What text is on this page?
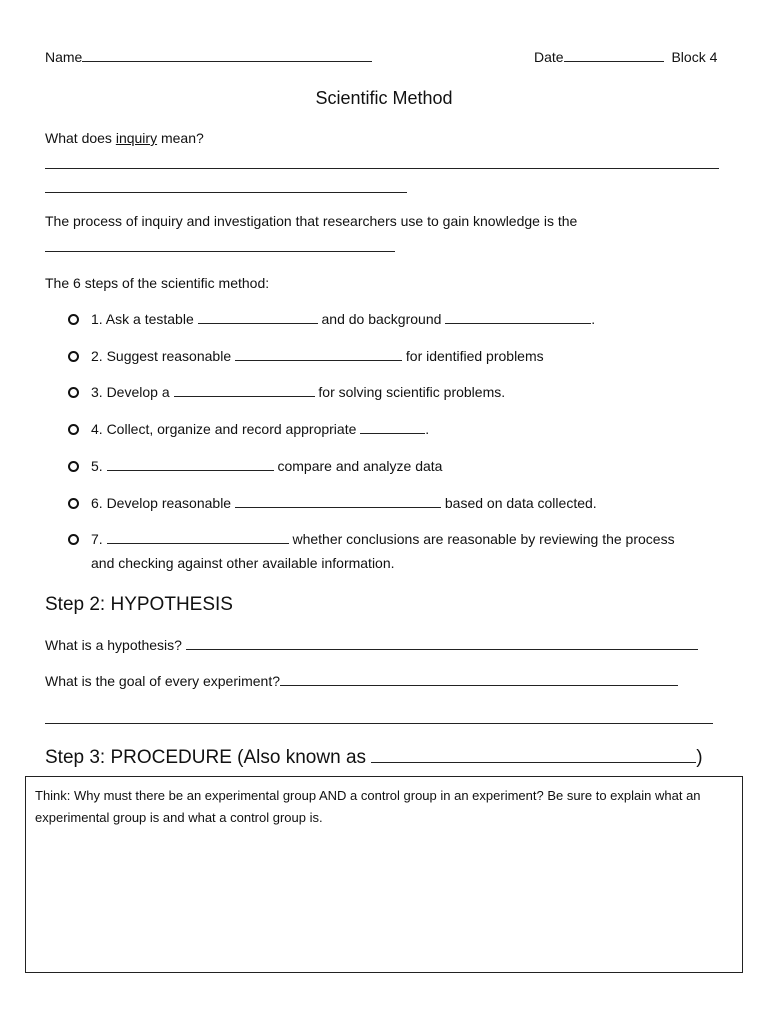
Name	Date	Block 4
Scientific Method
What does inquiry mean?
The process of inquiry and investigation that researchers use to gain knowledge is the
The 6 steps of the scientific method:
1. Ask a testable	and do background	.
2. Suggest reasonable	for identified problems
3. Develop a	for solving scientific problems.
4. Collect, organize and record appropriate	.
5.	compare and analyze data
6. Develop reasonable	based on data collected.
7.	whether conclusions are reasonable by reviewing the process
and checking against other available information.
Step 2: HYPOTHESIS
What is a hypothesis?
What is the goal of every experiment?
Step 3: PROCEDURE (Also known as	)
Think: Why must there be an experimental group AND a control group in an experiment? Be sure to explain what an experimental group is and what a control group is.
